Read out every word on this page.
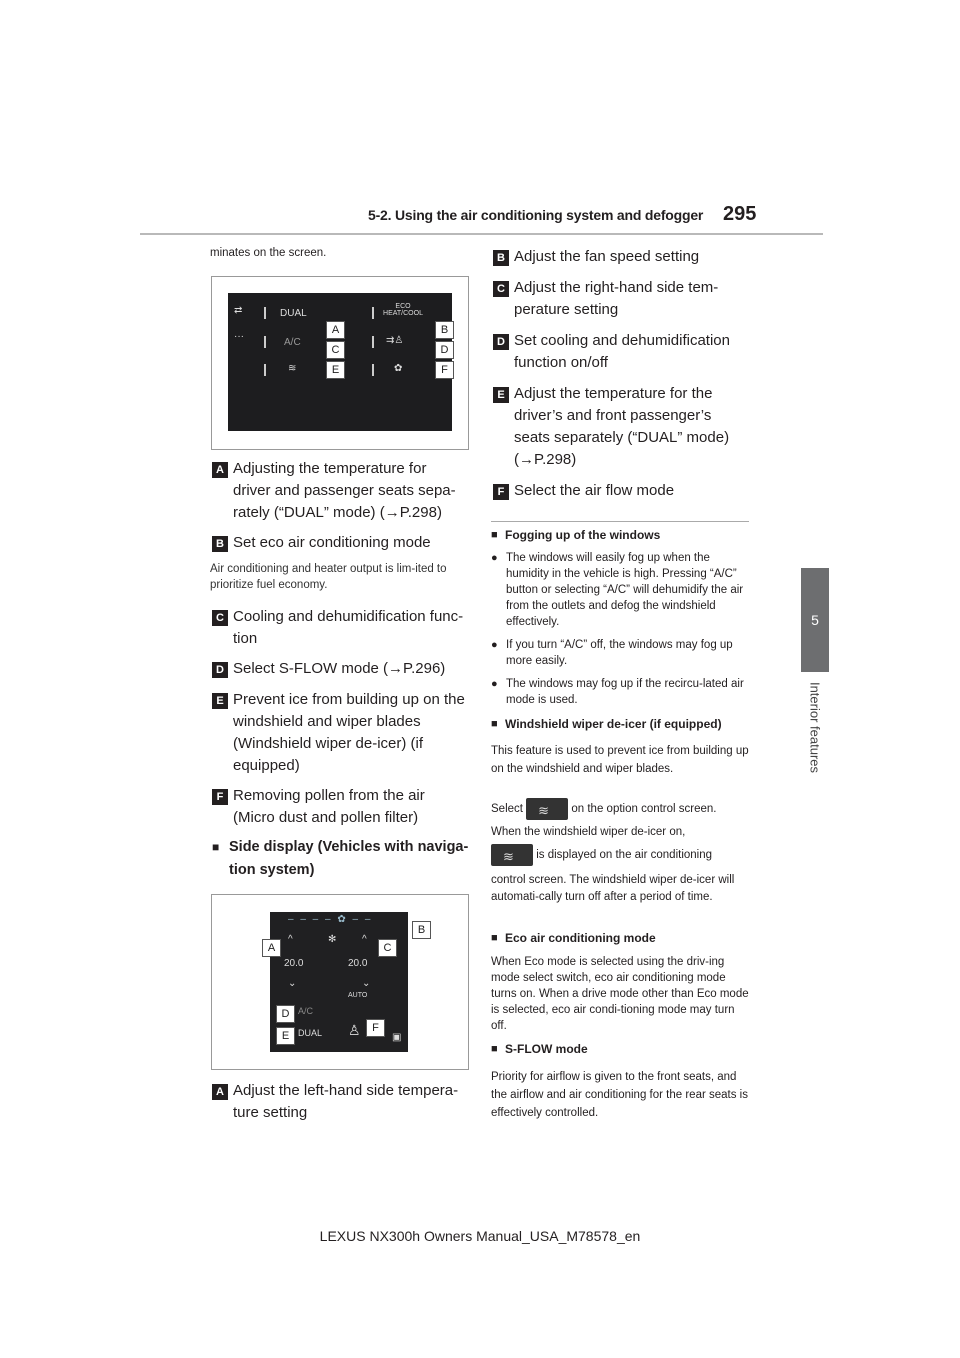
5-2. Using the air conditioning system and defogger 295
5
Interior features
minates on the screen.
⇄
···
DUAL
A/C
≋
ECO HEAT/COOL
⇉♙
✿
A
C
E
B
D
F
A Adjusting the temperature for driver and passenger seats sepa-rately (“DUAL” mode) (→P.298)
B Set eco air conditioning mode
Air conditioning and heater output is lim-ited to prioritize fuel economy.
C Cooling and dehumidification func-tion
D Select S-FLOW mode (→P.296)
E Prevent ice from building up on the windshield and wiper blades (Windshield wiper de-icer) (if equipped)
F Removing pollen from the air (Micro dust and pollen filter)
■ Side display (Vehicles with naviga-tion system)
– – – – ✿ – –
^	^
✻
20.0	20.0
⌄	⌄
AUTO
A/C
DUAL ♙	▣
B
A	C
D
F
E
A Adjust the left-hand side tempera-ture setting
B Adjust the fan speed setting
C Adjust the right-hand side tem-perature setting
D Set cooling and dehumidification function on/off
E Adjust the temperature for the driver’s and front passenger’s seats separately (“DUAL” mode) (→P.298)
F Select the air flow mode
■ Fogging up of the windows
● The windows will easily fog up when the humidity in the vehicle is high. Pressing “A/C” button or selecting “A/C” will dehumidify the air from the outlets and defog the windshield effectively.
● If you turn “A/C” off, the windows may fog up more easily.
● The windows may fog up if the recircu-lated air mode is used.
■ Windshield wiper de-icer (if equipped)
This feature is used to prevent ice from building up on the windshield and wiper blades.
Select ≋ on the option control screen.
When the windshield wiper de-icer on,
≋ is displayed on the air conditioning
control screen. The windshield wiper de-icer will automati-cally turn off after a period of time.
■ Eco air conditioning mode
When Eco mode is selected using the driv-ing mode select switch, eco air conditioning mode turns on. When a drive mode other than Eco mode is selected, eco air condi-tioning mode may turn off.
■ S-FLOW mode
Priority for airflow is given to the front seats, and the airflow and air conditioning for the rear seats is effectively controlled.
LEXUS NX300h Owners Manual_USA_M78578_en
